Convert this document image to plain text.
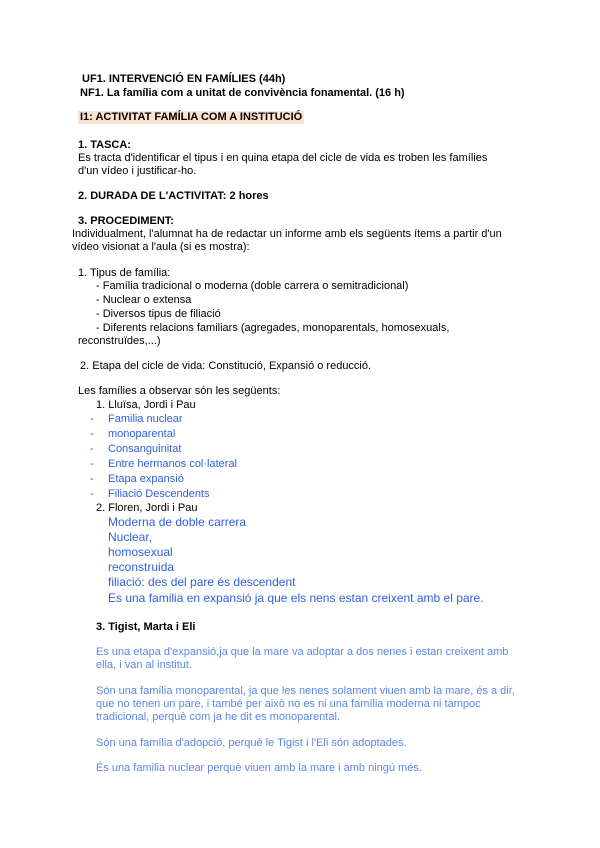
UF1. INTERVENCIÓ EN FAMÍLIES (44h)
NF1. La família com a unitat de convivència fonamental. (16 h)
I1: ACTIVITAT FAMÍLIA COM A INSTITUCIÓ
1. TASCA:
Es tracta d'identificar el tipus i en quina etapa del cicle de vida es troben les famílies
d'un vídeo i justificar-ho.
2. DURADA DE L'ACTIVITAT: 2 hores
3. PROCEDIMENT:
Individualment, l'alumnat ha de redactar un informe amb els següents ítems a partir d'un
vídeo visionat a l'aula (si es mostra):
1. Tipus de família:
- Família tradicional o moderna (doble carrera o semitradicional)
- Nuclear o extensa
- Diversos tipus de filiació
- Diferents relacions familiars (agregades, monoparentals, homosexuals,
reconstruïdes,...)
2. Etapa del cicle de vida: Constitució, Expansió o reducció.
Les famílies a observar són les següents:
1. Lluïsa, Jordi i Pau
- Familia nuclear
- monoparental
- Consanguinitat
- Entre hermanos col·lateral
- Etapa expansió
- Filiació Descendents
2. Floren, Jordi i Pau
Moderna de doble carrera
Nuclear,
homosexual
reconstruida
filiació: des del pare és descendent
Es una familia en expansió ja que els nens estan creixent amb el pare.
3. Tigist, Marta i Eli
Es una etapa d'expansió,ja que la mare va adoptar a dos nenes i estan creixent amb
ella, i van al institut.
Són una família monoparental, ja que les nenes solament viuen amb la mare, és a dir,
que no tenen un pare, i també per això no es ni una família moderna ni tampoc
tradicional, perquè com ja he dit es monoparental.
Són una família d'adopció, perquè le Tigist i l'Eli són adoptades.
És una familia nuclear perquè viuen amb la mare i amb ningú més.
